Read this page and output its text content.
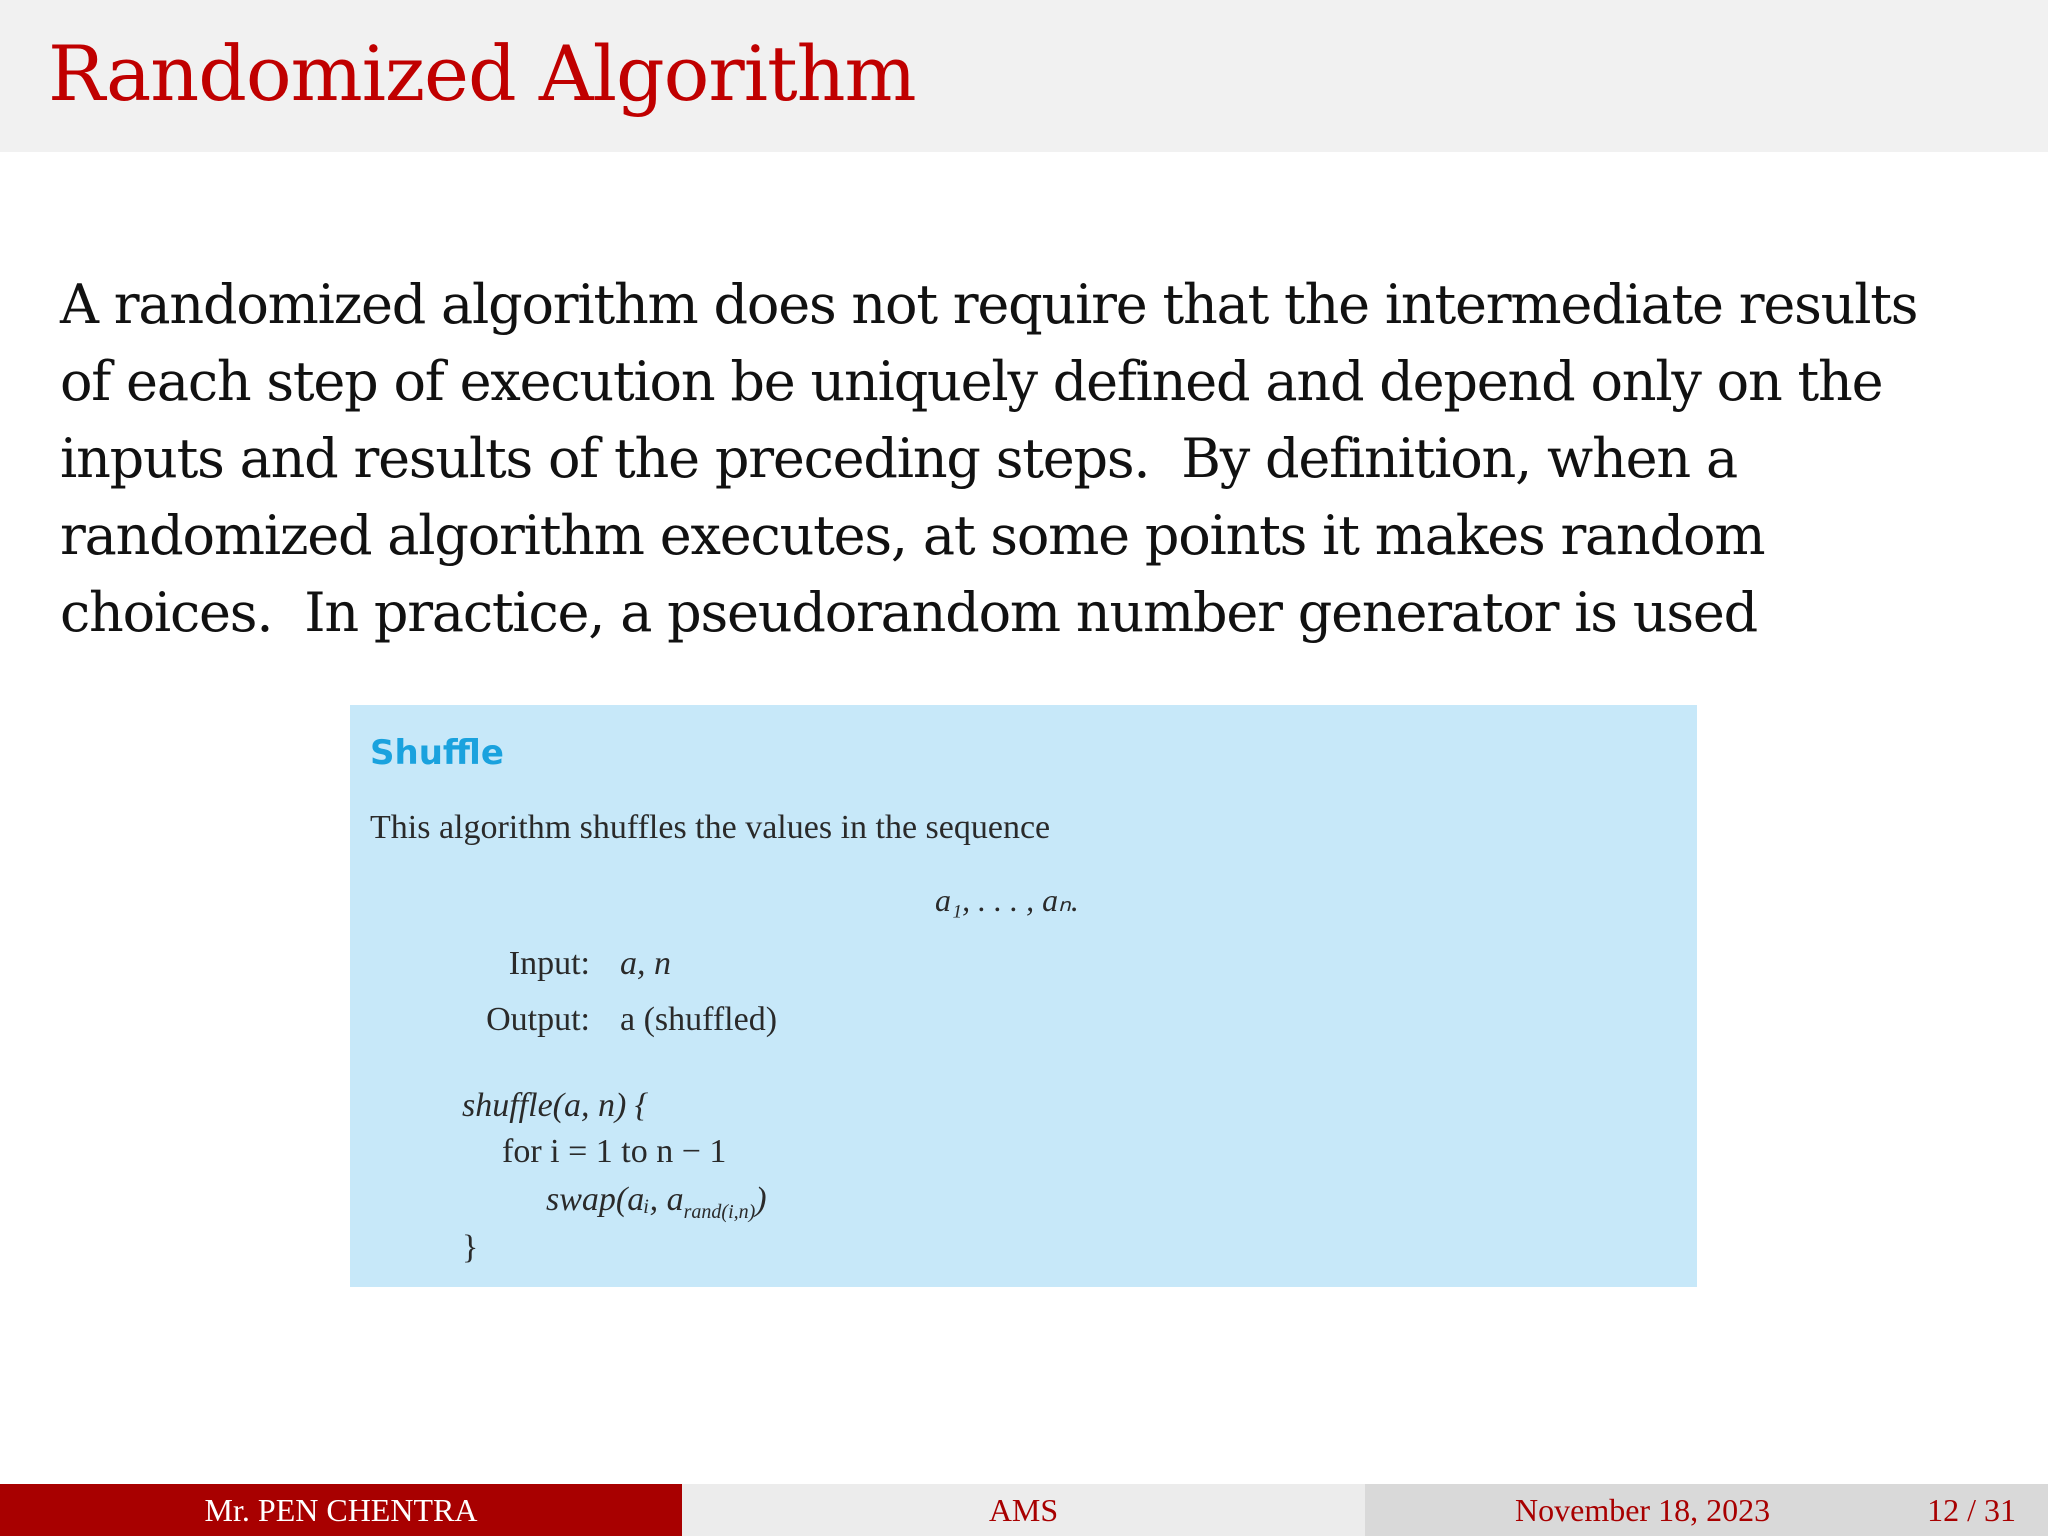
Randomized Algorithm
A randomized algorithm does not require that the intermediate results
of each step of execution be uniquely defined and depend only on the
inputs and results of the preceding steps.  By definition, when a
randomized algorithm executes, at some points it makes random
choices.  In practice, a pseudorandom number generator is used
Shuffle
This algorithm shuffles the values in the sequence
a₁, . . . , aₙ.
Input: a, n
Output: a (shuffled)
shuffle(a, n) {
for i = 1 to n − 1
swap(aᵢ, $a_{rand(i,n)}$)
}
Mr. PEN CHENTRA	AMS	November 18, 2023	12 / 31
